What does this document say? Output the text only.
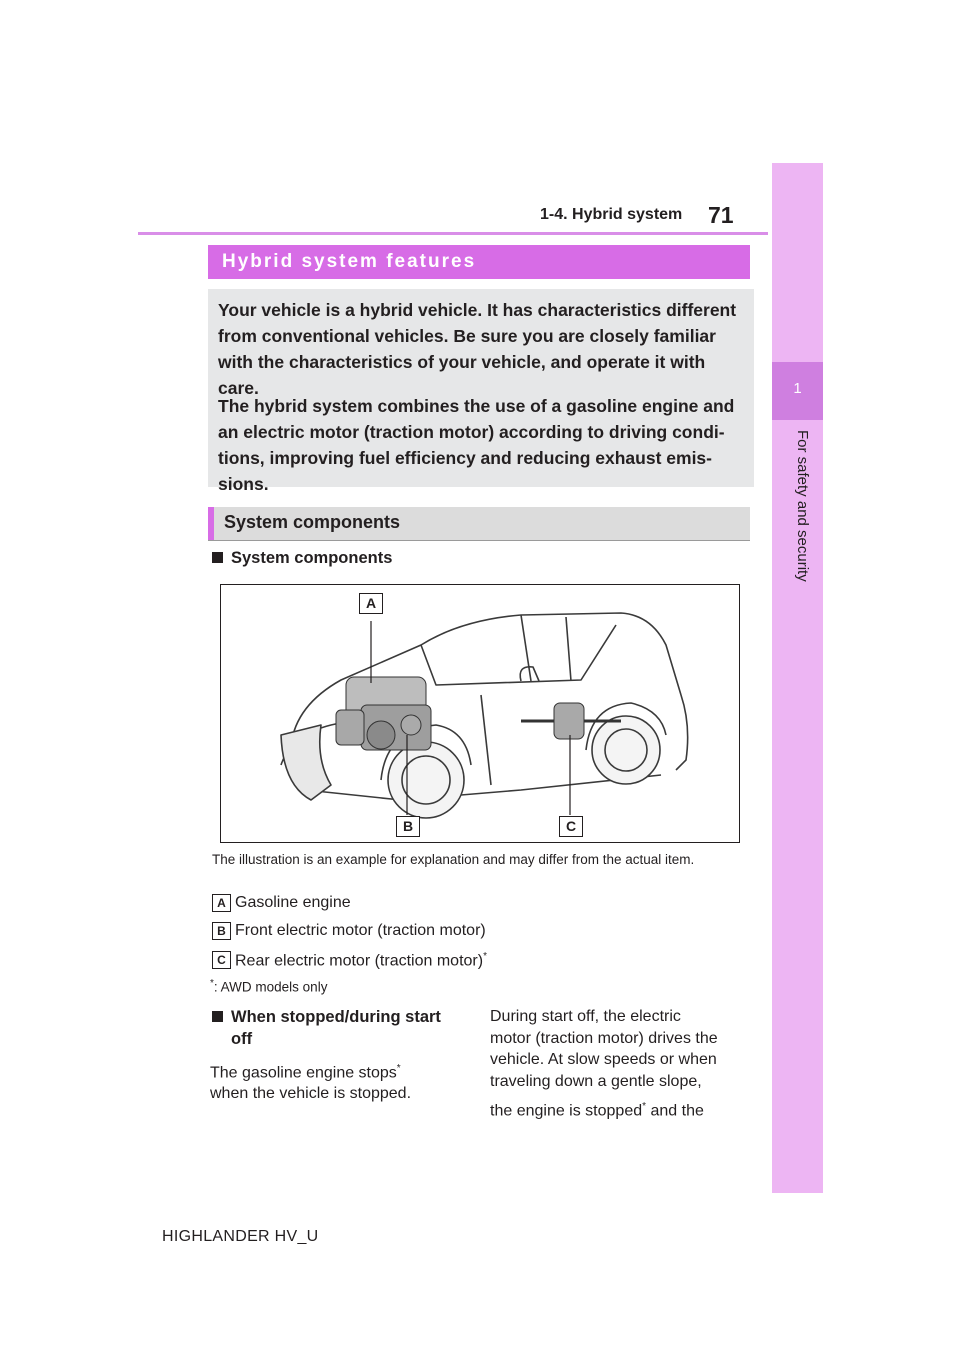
1-4. Hybrid system 71
1
For safety and security
Hybrid system features

Your vehicle is a hybrid vehicle. It has characteristics different
from conventional vehicles. Be sure you are closely familiar
with the characteristics of your vehicle, and operate it with
care.

The hybrid system combines the use of a gasoline engine and
an electric motor (traction motor) according to driving condi-
tions, improving fuel efficiency and reducing exhaust emis-
sions.

System components
System components
A
B	C
The illustration is an example for explanation and may differ from the actual item.
A Gasoline engine
B Front electric motor (traction motor)
C Rear electric motor (traction motor)*
*: AWD models only
When stopped/during start
off
The gasoline engine stops*
when the vehicle is stopped.
During start off, the electric
motor (traction motor) drives the
vehicle. At slow speeds or when
traveling down a gentle slope,
the engine is stopped* and the
HIGHLANDER HV_U
